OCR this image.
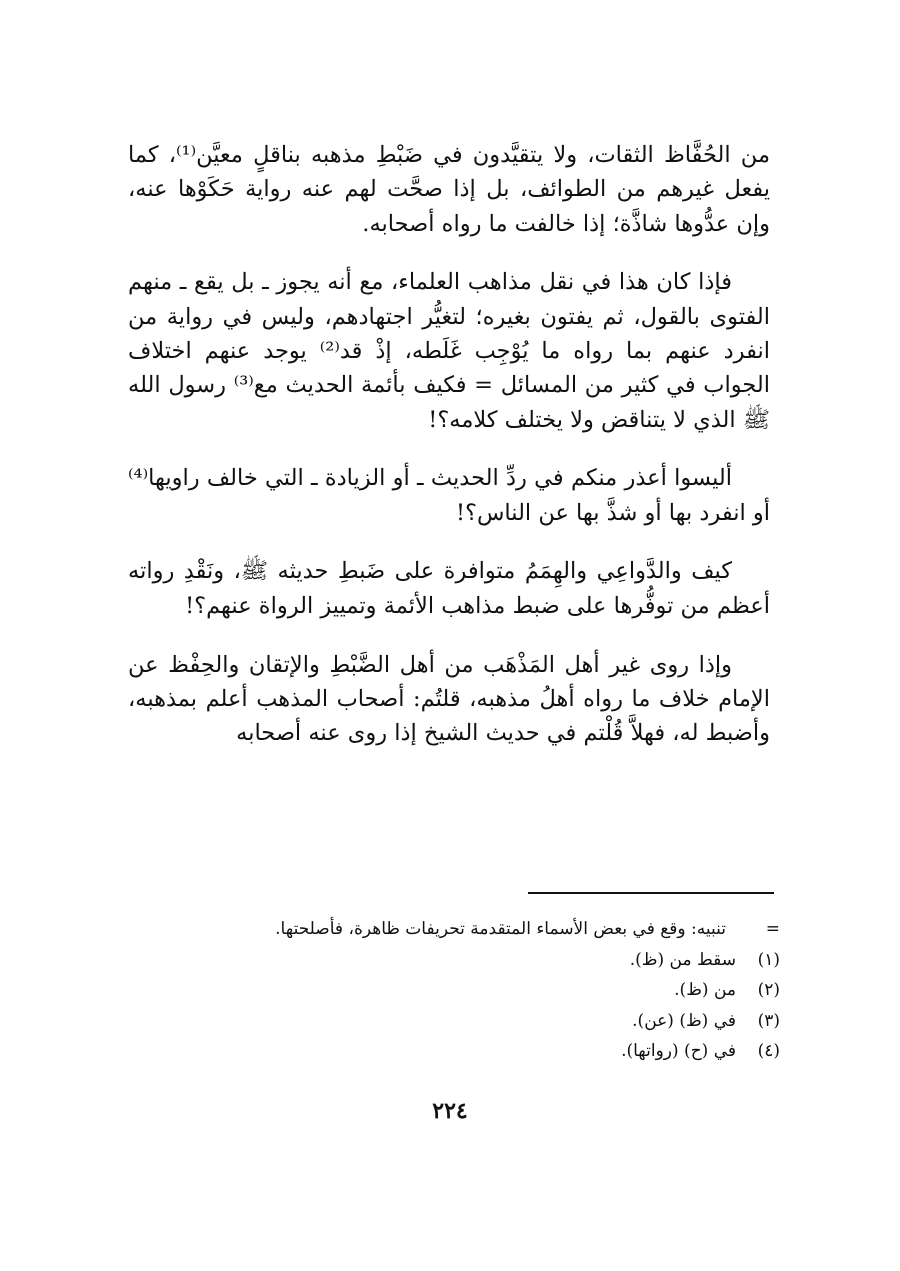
من الحُفَّاظ الثقات، ولا يتقيَّدون في ضَبْطِ مذهبه بناقلٍ معيَّن⁽¹⁾، كما يفعل غيرهم من الطوائف، بل إذا صحَّت لهم عنه رواية حَكَوْها عنه، وإن عدُّوها شاذَّة؛ إذا خالفت ما رواه أصحابه.

فإذا كان هذا في نقل مذاهب العلماء، مع أنه يجوز ـ بل يقع ـ منهم الفتوى بالقول، ثم يفتون بغيره؛ لتغيُّر اجتهادهم، وليس في رواية من انفرد عنهم بما رواه ما يُوْجِب غَلَطه، إذْ قد⁽²⁾ يوجد عنهم اختلاف الجواب في كثير من المسائل = فكيف بأئمة الحديث مع⁽³⁾ رسول الله ﷺ الذي لا يتناقض ولا يختلف كلامه؟!

أليسوا أعذر منكم في ردِّ الحديث ـ أو الزيادة ـ التي خالف راويها⁽⁴⁾ أو انفرد بها أو شذَّ بها عن الناس؟!

كيف والدَّواعِي والهِمَمُ متوافرة على ضَبطِ حديثه ﷺ، ونَقْدِ رواته أعظم من توفُّرها على ضبط مذاهب الأئمة وتمييز الرواة عنهم؟!

وإذا روى غير أهل المَذْهَب من أهل الضَّبْطِ والإتقان والحِفْظ عن الإمام خلاف ما رواه أهلُ مذهبه، قلتُم: أصحاب المذهب أعلم بمذهبه، وأضبط له، فهلاَّ قُلْتم في حديث الشيخ إذا روى عنه أصحابه

=تنبيه: وقع في بعض الأسماء المتقدمة تحريفات ظاهرة، فأصلحتها.
(١)سقط من (ظ).
(٢)من (ظ).
(٣)في (ظ) (عن).
(٤)في (ح) (رواتها).
٢٢٤
